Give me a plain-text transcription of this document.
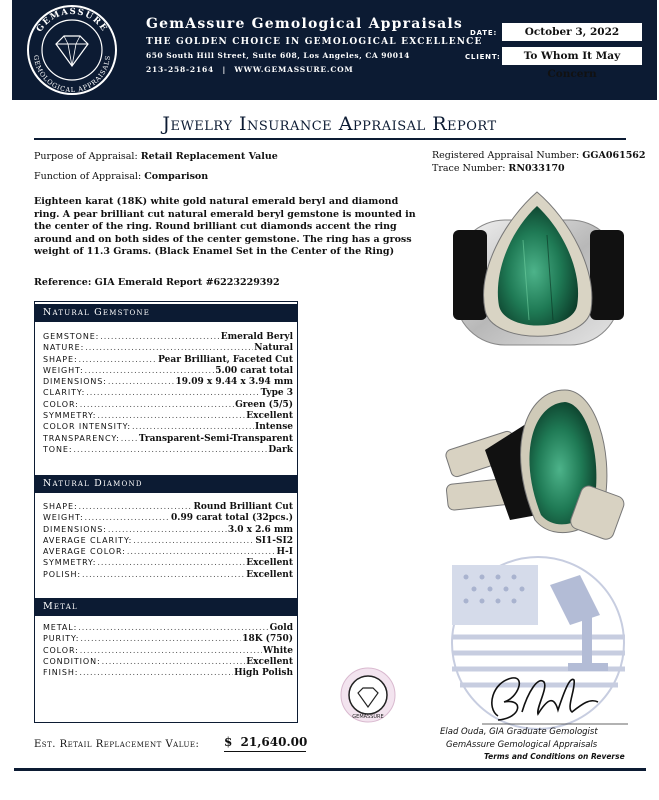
GEMASSURE
GEMOLOGICAL APPRAISALS
GemAssure Gemological Appraisals
THE GOLDEN CHOICE IN GEMOLOGICAL EXCELLENCE
650 South Hill Street, Suite 608, Los Angeles, CA 90014
213-258-2164 | WWW.GEMASSURE.COM
DATE:	October 3, 2022
CLIENT:	To Whom It May Concern
Jewelry Insurance Appraisal Report
Purpose of Appraisal: Retail Replacement Value
Function of Appraisal: Comparison
Registered Appraisal Number: GGA061562
Trace Number: RN033170
Eighteen karat (18K) white gold natural emerald beryl and diamond ring. A pear brilliant cut natural emerald beryl gemstone is mounted in the center of the ring. Round brilliant cut diamonds accent the ring around and on both sides of the center gemstone. The ring has a gross weight of 11.3 Grams. (Black Enamel Set in the Center of the Ring)
Reference: GIA Emerald Report #6223229392
Natural Gemstone
GEMSTONE: .....	Emerald Beryl
NATURE: .....	Natural
SHAPE: .....	Pear Brilliant, Faceted Cut
WEIGHT: .....	5.00 carat total
DIMENSIONS: .....	19.09 x 9.44 x 3.94 mm
CLARITY: .....	Type 3
COLOR: .....	Green (5/5)
SYMMETRY: .....	Excellent
COLOR INTENSITY: .....	Intense
TRANSPARENCY: ..... Transparent-Semi-Transparent
TONE: .....	Dark
Natural Diamond
SHAPE: .....	Round Brilliant Cut
WEIGHT: .....	0.99 carat total (32pcs.)
DIMENSIONS: .....	3.0 x 2.6 mm
AVERAGE CLARITY: .....	SI1-SI2
AVERAGE COLOR: .....	H-I
SYMMETRY: .....	Excellent
POLISH: .....	Excellent
Metal
METAL: .....	Gold
PURITY: .....	18K (750)
COLOR: .....	White
CONDITION: .....	Excellent
FINISH: .....	High Polish
GEMASSURE
Elad Ouda, GIA Graduate Gemologist
GemAssure Gemological Appraisals
Terms and Conditions on Reverse
Est. Retail Replacement Value: $ 21,640.00
